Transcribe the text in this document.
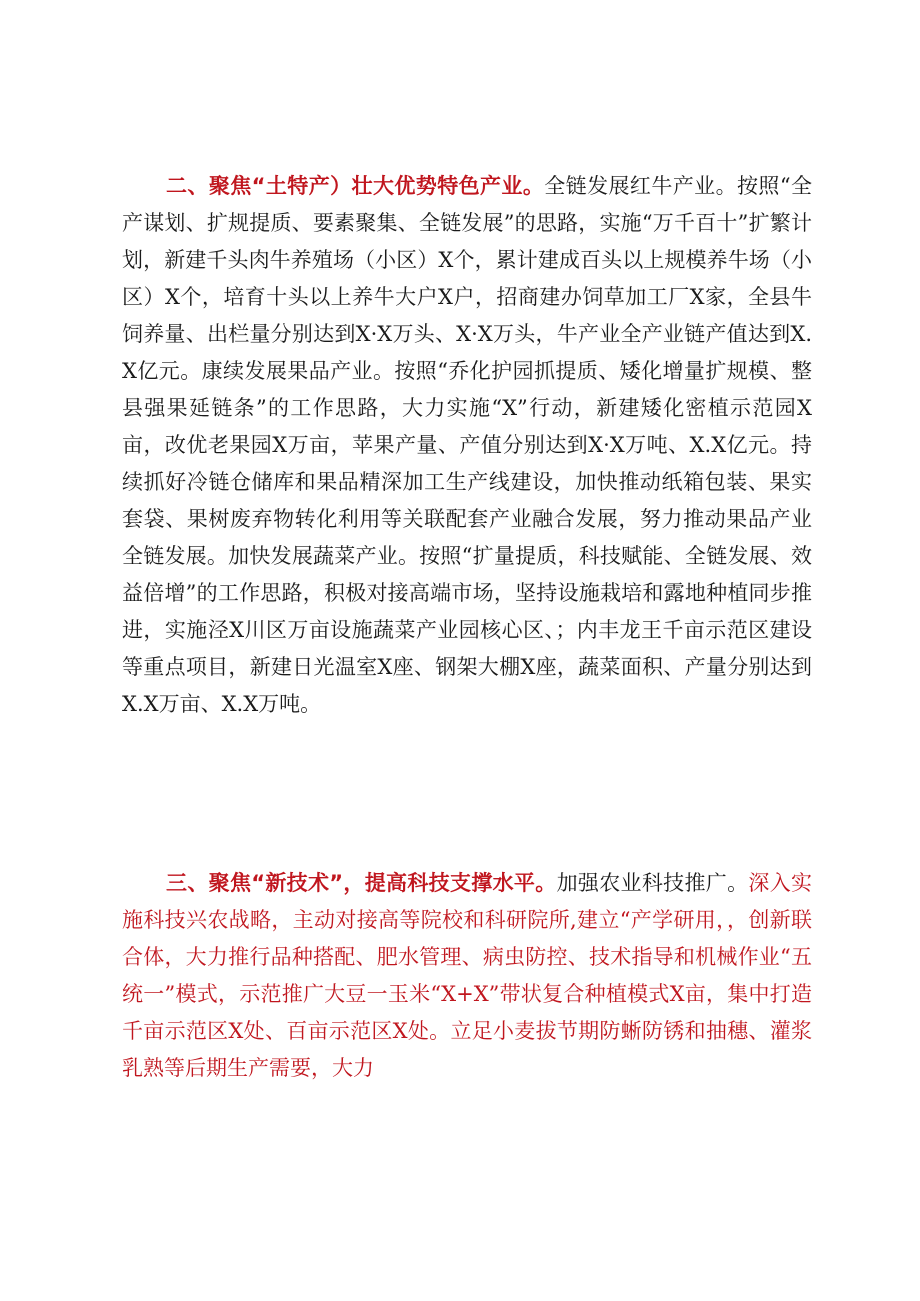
二、聚焦“土特产）壮大优势特色产业。全链发展红牛产业。按照“全产谋划、扩规提质、要素聚集、全链发展”的思路，实施“万千百十”扩繁计划，新建千头肉牛养殖场（小区）X个，累计建成百头以上规模养牛场（小区）X个，培育十头以上养牛大户X户，招商建办饲草加工厂X家，全县牛饲养量、出栏量分别达到X·X万头、X·X万头，牛产业全产业链产值达到X.X亿元。康续发展果品产业。按照“乔化护园抓提质、矮化增量扩规模、整县强果延链条”的工作思路，大力实施“X”行动，新建矮化密植示范园X亩，改优老果园X万亩，苹果产量、产值分别达到X·X万吨、X.X亿元。持续抓好冷链仓储库和果品精深加工生产线建设，加快推动纸箱包装、果实套袋、果树废弃物转化利用等关联配套产业融合发展，努力推动果品产业全链发展。加快发展蔬菜产业。按照“扩量提质，科技赋能、全链发展、效益倍增”的工作思路，积极对接高端市场，坚持设施栽培和露地种植同步推进，实施泾X川区万亩设施蔬菜产业园核心区、；内丰龙王千亩示范区建设等重点项目，新建日光温室X座、钢架大棚X座，蔬菜面积、产量分别达到X.X万亩、X.X万吨。

三、聚焦“新技术”，提高科技支撑水平。加强农业科技推广。深入实施科技兴农战略，主动对接高等院校和科研院所,建立“产学研用，，创新联合体，大力推行品种搭配、肥水管理、病虫防控、技术指导和机械作业“五统一”模式，示范推广大豆一玉米“X+X”带状复合种植模式X亩，集中打造千亩示范区X处、百亩示范区X处。立足小麦拔节期防蜥防锈和抽穗、灌浆乳熟等后期生产需要，大力
